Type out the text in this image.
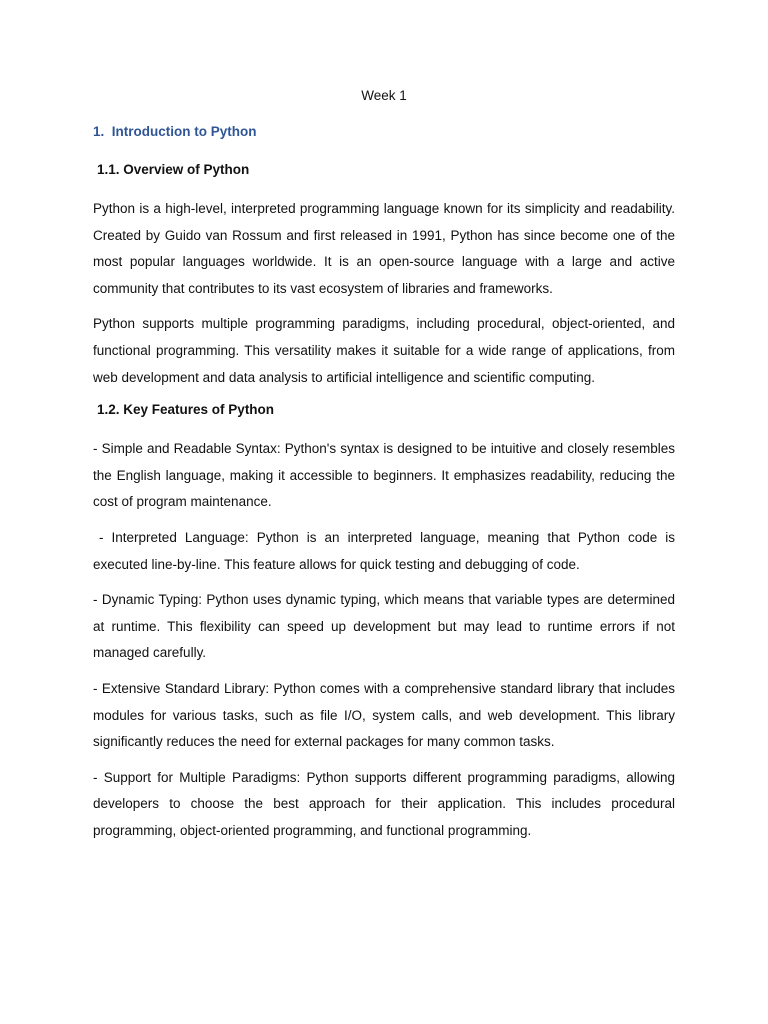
Week 1
1.  Introduction to Python
1.1. Overview of Python

Python is a high-level, interpreted programming language known for its simplicity and readability. Created by Guido van Rossum and first released in 1991, Python has since become one of the most popular languages worldwide. It is an open-source language with a large and active community that contributes to its vast ecosystem of libraries and frameworks.

Python supports multiple programming paradigms, including procedural, object-oriented, and functional programming. This versatility makes it suitable for a wide range of applications, from web development and data analysis to artificial intelligence and scientific computing.

1.2. Key Features of Python

- Simple and Readable Syntax: Python's syntax is designed to be intuitive and closely resembles the English language, making it accessible to beginners. It emphasizes readability, reducing the cost of program maintenance.

- Interpreted Language: Python is an interpreted language, meaning that Python code is executed line-by-line. This feature allows for quick testing and debugging of code.

- Dynamic Typing: Python uses dynamic typing, which means that variable types are determined at runtime. This flexibility can speed up development but may lead to runtime errors if not managed carefully.

- Extensive Standard Library: Python comes with a comprehensive standard library that includes modules for various tasks, such as file I/O, system calls, and web development. This library significantly reduces the need for external packages for many common tasks.

- Support for Multiple Paradigms: Python supports different programming paradigms, allowing developers to choose the best approach for their application. This includes procedural programming, object-oriented programming, and functional programming.
